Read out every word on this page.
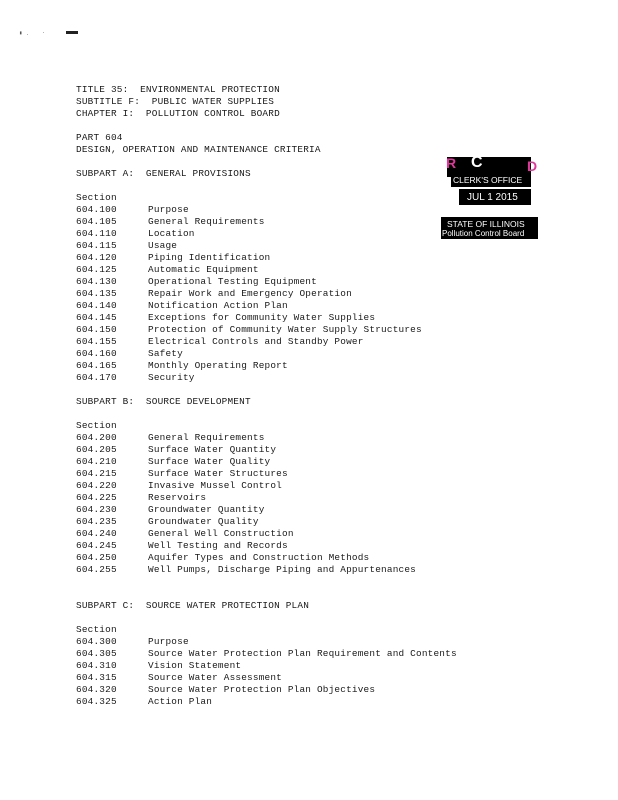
▘ ·	·
TITLE 35:  ENVIRONMENTAL PROTECTION
SUBTITLE F:  PUBLIC WATER SUPPLIES
CHAPTER I:  POLLUTION CONTROL BOARD
PART 604
DESIGN, OPERATION AND MAINTENANCE CRITERIA
SUBPART A:  GENERAL PROVISIONS
Section
604.100	Purpose
604.105	General Requirements
604.110	Location
604.115	Usage
604.120	Piping Identification
604.125	Automatic Equipment
604.130	Operational Testing Equipment
604.135	Repair Work and Emergency Operation
604.140	Notification Action Plan
604.145	Exceptions for Community Water Supplies
604.150	Protection of Community Water Supply Structures
604.155	Electrical Controls and Standby Power
604.160	Safety
604.165	Monthly Operating Report
604.170	Security
SUBPART B:  SOURCE DEVELOPMENT
Section
604.200	General Requirements
604.205	Surface Water Quantity
604.210	Surface Water Quality
604.215	Surface Water Structures
604.220	Invasive Mussel Control
604.225	Reservoirs
604.230	Groundwater Quantity
604.235	Groundwater Quality
604.240	General Well Construction
604.245	Well Testing and Records
604.250	Aquifer Types and Construction Methods
604.255	Well Pumps, Discharge Piping and Appurtenances
SUBPART C:  SOURCE WATER PROTECTION PLAN
Section
604.300	Purpose
604.305	Source Water Protection Plan Requirement and Contents
604.310	Vision Statement
604.315	Source Water Assessment
604.320	Source Water Protection Plan Objectives
604.325	Action Plan
R C	D
CLERK'S OFFICE
JUL 1 2015
STATE OF ILLINOIS
Pollution Control Board
